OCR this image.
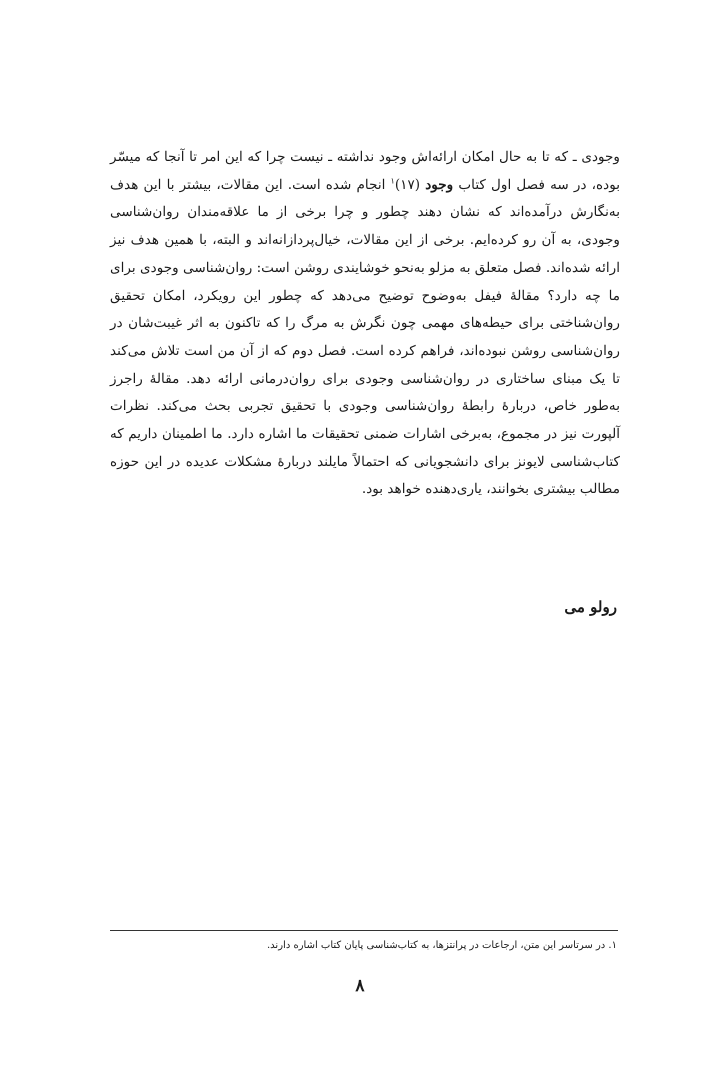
وجودی ـ که تا به حال امکان ارائه‌اش وجود نداشته ـ نیست چرا که این امر تا آنجا که میسّر بوده، در سه فصل اول کتاب وجود (۱۷)$^۱$ انجام شده است. این مقالات، بیشتر با این هدف به‌نگارش درآمده‌اند که نشان دهند چطور و چرا برخی از ما علاقه‌مندان روان‌شناسی وجودی، به آن رو کرده‌ایم. برخی از این مقالات، خیال‌پردازانه‌اند و البته، با همین هدف نیز ارائه شده‌اند. فصل متعلق به مزلو به‌نحو خوشایندی روشن است: روان‌شناسی وجودی برای ما چه دارد؟ مقالهٔ فیفل به‌وضوح توضیح می‌دهد که چطور این رویکرد، امکان تحقیق روان‌شناختی برای حیطه‌های مهمی چون نگرش به مرگ را که تاکنون به اثر غیبت‌شان در روان‌شناسی روشن نبوده‌اند، فراهم کرده است. فصل دوم که از آن من است تلاش می‌کند تا یک مبنای ساختاری در روان‌شناسی وجودی برای روان‌درمانی ارائه دهد. مقالهٔ راجرز به‌طور خاص، دربارهٔ رابطهٔ روان‌شناسی وجودی با تحقیق تجربی بحث می‌کند. نظرات آلپورت نیز در مجموع، به‌برخی اشارات ضمنی تحقیقات ما اشاره دارد. ما اطمینان داریم که کتاب‌شناسی لایونز برای دانشجویانی که احتمالاً مایلند دربارهٔ مشکلات عدیده در این حوزه مطالب بیشتری بخوانند، یاری‌دهنده خواهد بود.

رولو می

۱. در سرتاسر این متن، ارجاعات در پرانتزها، به کتاب‌شناسی پایان کتاب اشاره دارند.

۸
